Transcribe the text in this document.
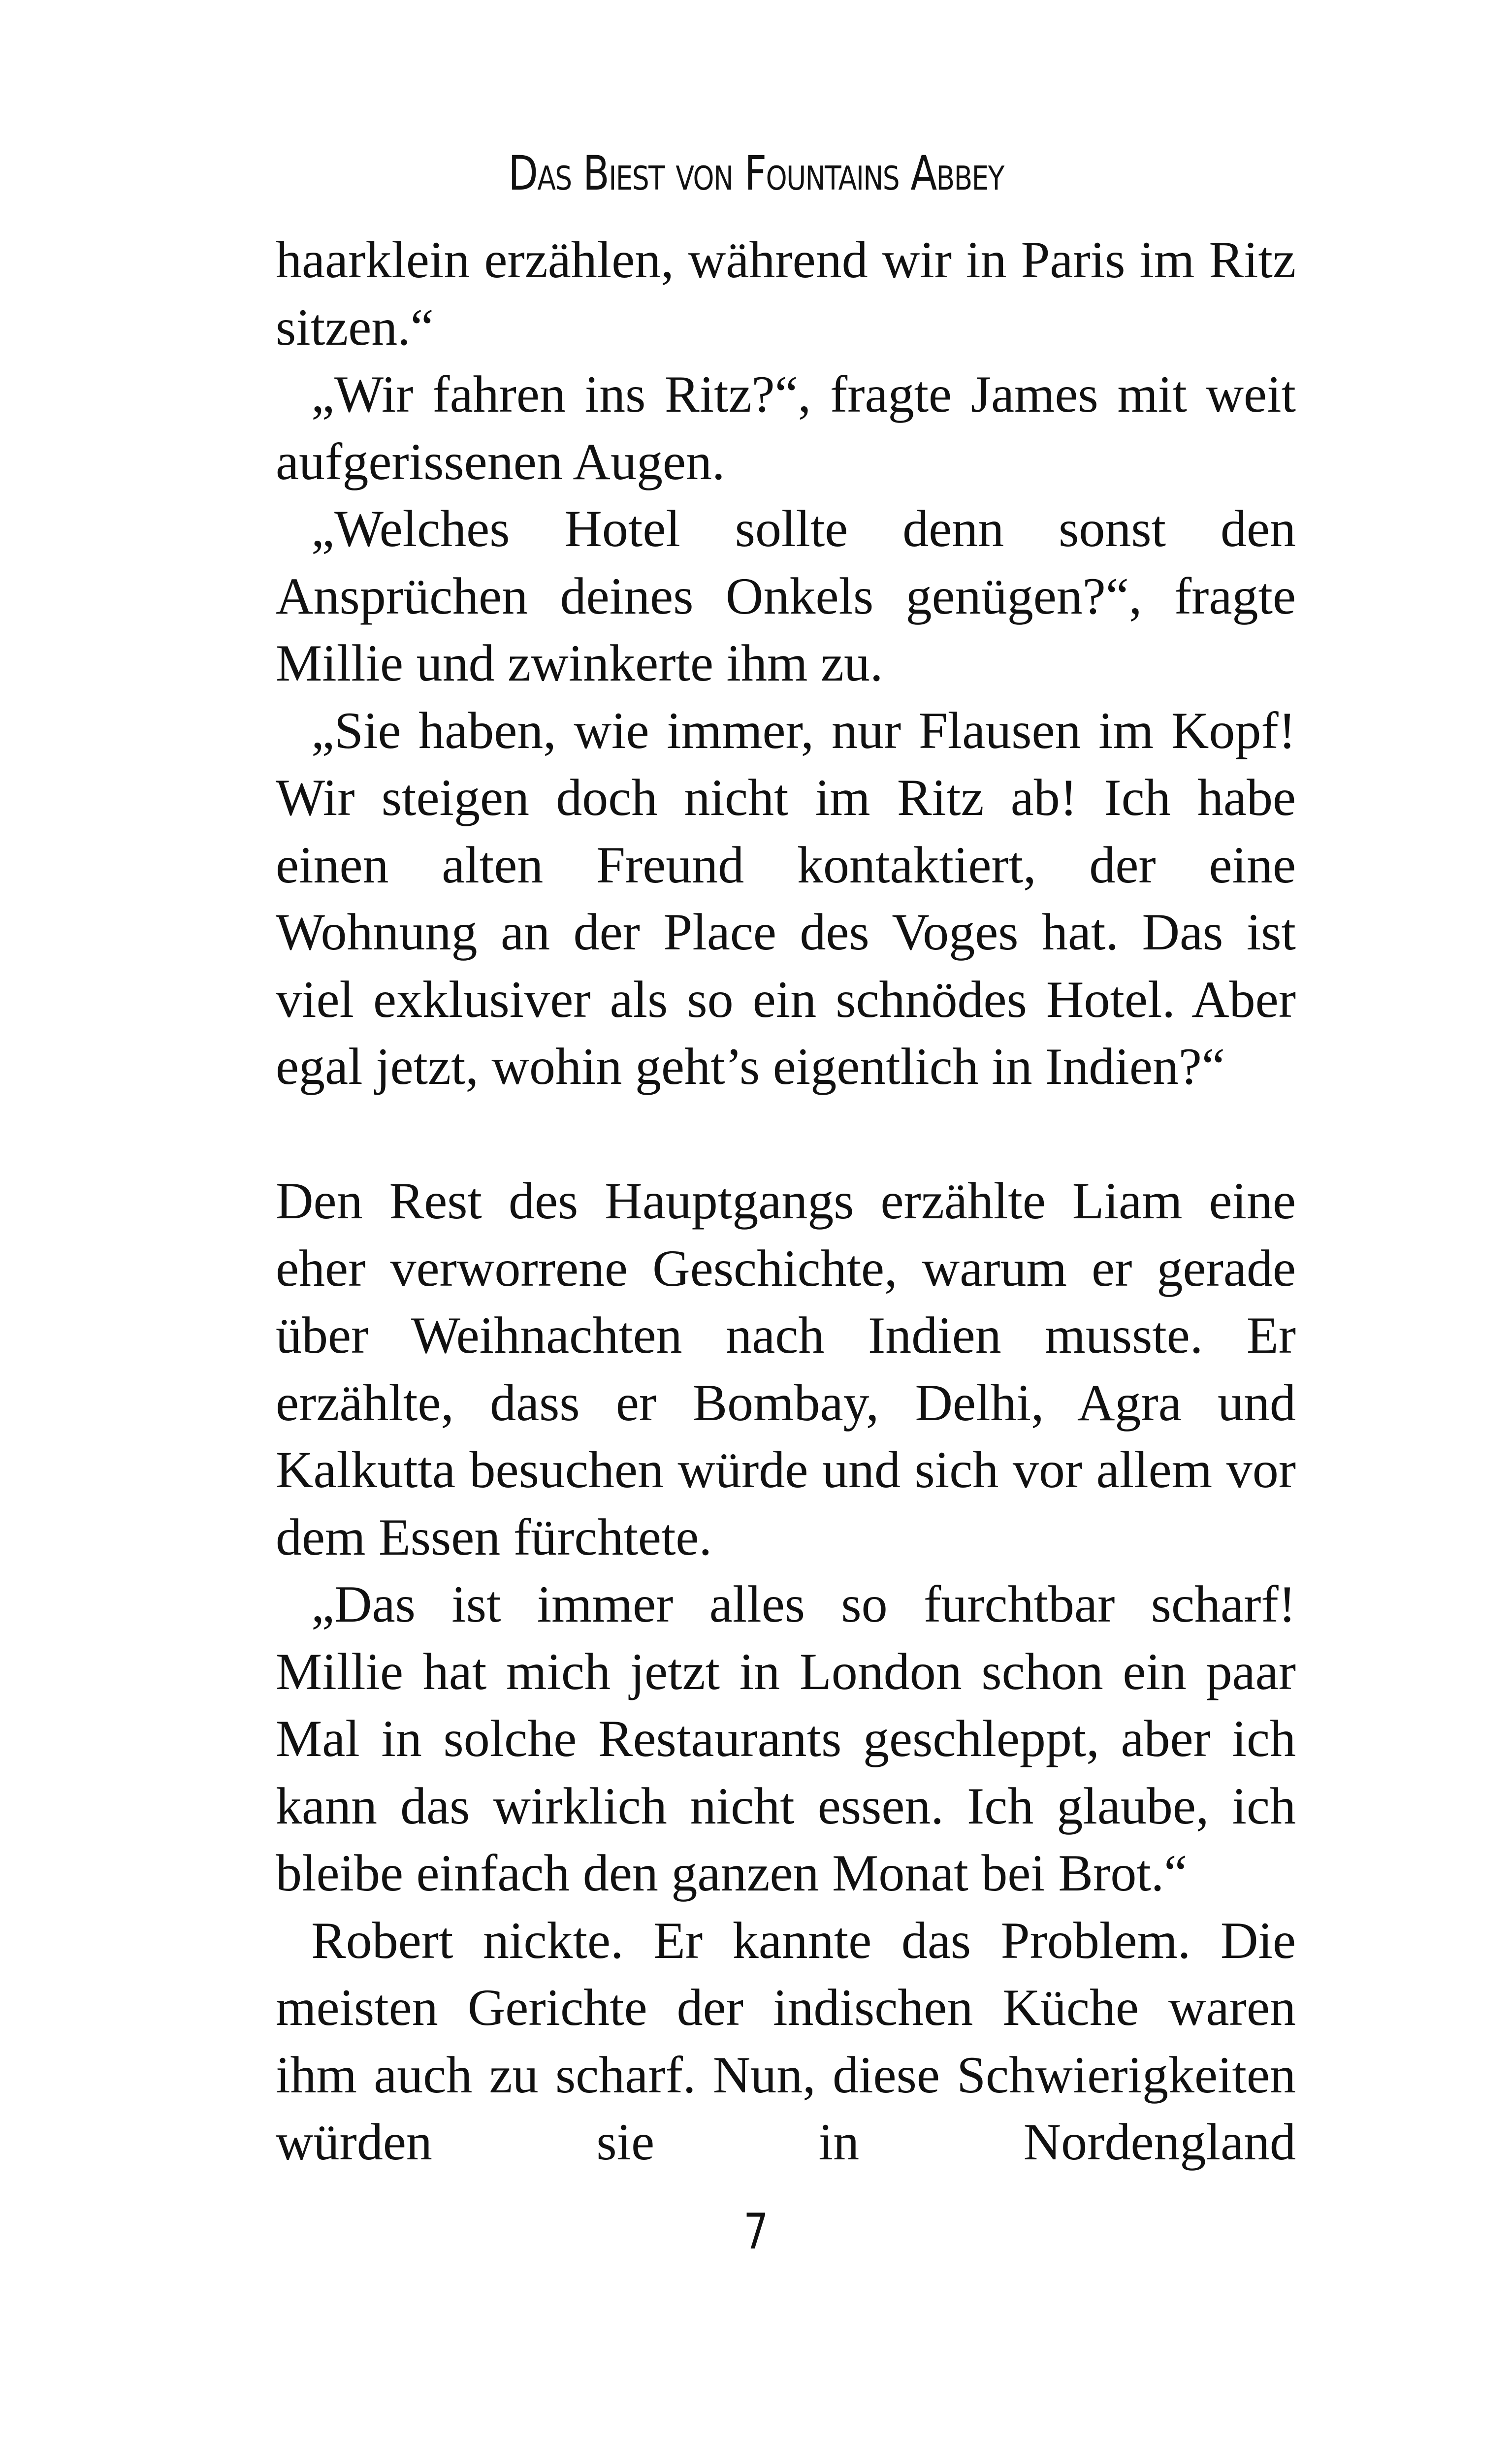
Das Biest von Fountains Abbey

haarklein erzählen, während wir in Paris im Ritz sitzen.“

„Wir fahren ins Ritz?“, fragte James mit weit aufgerissenen Augen.

„Welches Hotel sollte denn sonst den Ansprüchen deines Onkels genügen?“, fragte Millie und zwinkerte ihm zu.

„Sie haben, wie immer, nur Flausen im Kopf! Wir steigen doch nicht im Ritz ab! Ich habe einen alten Freund kontaktiert, der eine Wohnung an der Place des Voges hat. Das ist viel exklusiver als so ein schnödes Hotel. Aber egal jetzt, wohin geht’s eigentlich in Indien?“

Den Rest des Hauptgangs erzählte Liam eine eher verworrene Geschichte, warum er gerade über Weihnachten nach Indien musste. Er erzählte, dass er Bombay, Delhi, Agra und Kalkutta besuchen würde und sich vor allem vor dem Essen fürchtete.

„Das ist immer alles so furchtbar scharf! Millie hat mich jetzt in London schon ein paar Mal in solche Restaurants geschleppt, aber ich kann das wirklich nicht essen. Ich glaube, ich bleibe einfach den ganzen Monat bei Brot.“

Robert nickte. Er kannte das Problem. Die meisten Gerichte der indischen Küche waren ihm auch zu scharf. Nun, diese Schwierigkeiten würden sie in Nordengland

7
